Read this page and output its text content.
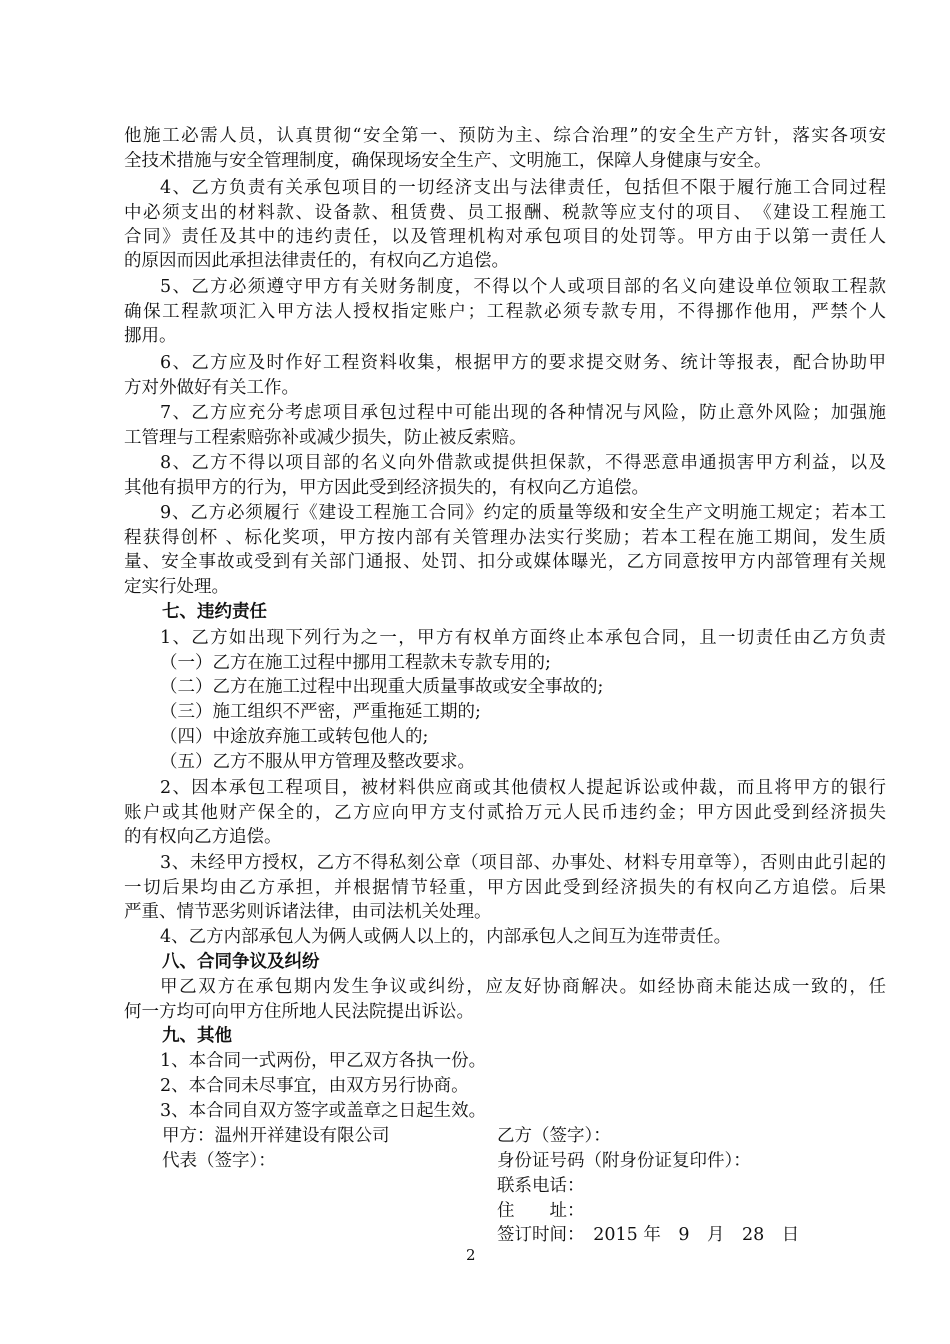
他施工必需人员，认真贯彻“安全第一、预防为主、综合治理”的安全生产方针，落实各项安
全技术措施与安全管理制度，确保现场安全生产、文明施工，保障人身健康与安全。
4、乙方负责有关承包项目的一切经济支出与法律责任，包括但不限于履行施工合同过程
中必须支出的材料款、设备款、租赁费、员工报酬、税款等应支付的项目、　《建设工程施工
合同》责任及其中的违约责任，以及管理机构对承包项目的处罚等。甲方由于以第一责任人
的原因而因此承担法律责任的，有权向乙方追偿。
5、乙方必须遵守甲方有关财务制度，不得以个人或项目部的名义向建设单位领取工程款
确保工程款项汇入甲方法人授权指定账户；工程款必须专款专用，不得挪作他用，严禁个人
挪用。
6、乙方应及时作好工程资料收集，根据甲方的要求提交财务、统计等报表，配合协助甲
方对外做好有关工作。
7、乙方应充分考虑项目承包过程中可能出现的各种情况与风险，防止意外风险；加强施
工管理与工程索赔弥补或减少损失，防止被反索赔。
8、乙方不得以项目部的名义向外借款或提供担保款，不得恶意串通损害甲方利益，以及
其他有损甲方的行为，甲方因此受到经济损失的，有权向乙方追偿。
9、乙方必须履行《建设工程施工合同》约定的质量等级和安全生产文明施工规定；若本工
程获得创杯 、标化奖项，甲方按内部有关管理办法实行奖励；若本工程在施工期间，发生质
量、安全事故或受到有关部门通报、处罚、扣分或媒体曝光，乙方同意按甲方内部管理有关规
定实行处理。
七、违约责任
1、乙方如出现下列行为之一，甲方有权单方面终止本承包合同，且一切责任由乙方负责
（一）乙方在施工过程中挪用工程款未专款专用的;
（二）乙方在施工过程中出现重大质量事故或安全事故的;
（三）施工组织不严密，严重拖延工期的;
（四）中途放弃施工或转包他人的;
（五）乙方不服从甲方管理及整改要求。
2、因本承包工程项目，被材料供应商或其他债权人提起诉讼或仲裁，而且将甲方的银行
账户或其他财产保全的，乙方应向甲方支付贰拾万元人民币违约金；甲方因此受到经济损失
的有权向乙方追偿。
3、未经甲方授权，乙方不得私刻公章（项目部、办事处、材料专用章等），否则由此引起的
一切后果均由乙方承担，并根据情节轻重，甲方因此受到经济损失的有权向乙方追偿。后果
严重、情节恶劣则诉诸法律，由司法机关处理。
4、乙方内部承包人为俩人或俩人以上的，内部承包人之间互为连带责任。
八、合同争议及纠纷
甲乙双方在承包期内发生争议或纠纷，应友好协商解决。如经协商未能达成一致的，任
何一方均可向甲方住所地人民法院提出诉讼。
九、其他
1、本合同一式两份，甲乙双方各执一份。
2、本合同未尽事宜，由双方另行协商。
3、本合同自双方签字或盖章之日起生效。
甲方：温州开祥建设有限公司	乙方（签字）：
代表（签字）：	身份证号码（附身份证复印件）：
联系电话：
住　　址：
签订时间：　2015 年　9　月　28　日
2
